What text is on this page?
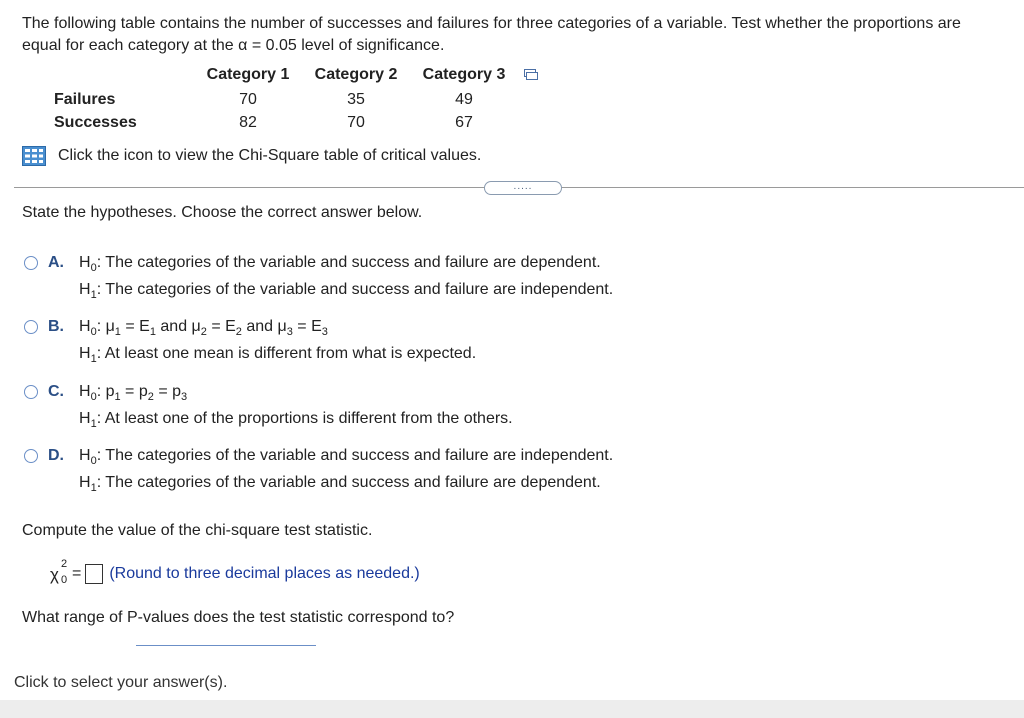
The following table contains the number of successes and failures for three categories of a variable. Test whether the proportions are
equal for each category at the α = 0.05 level of significance.
	Category 1	Category 2	Category 3	
Failures	70	35	49	
Successes	82	70	67	
Click the icon to view the Chi-Square table of critical values.
.....
State the hypotheses. Choose the correct answer below.
A. $H_0$: The categories of the variable and success and failure are dependent.
$H_1$: The categories of the variable and success and failure are independent.
B. $H_0$: $\mu_1 = E_1$ and $\mu_2 = E_2$ and $\mu_3 = E_3$
$H_1$: At least one mean is different from what is expected.
C. $H_0$: $p_1 = p_2 = p_3$
$H_1$: At least one of the proportions is different from the others.
D. $H_0$: The categories of the variable and success and failure are independent.
$H_1$: The categories of the variable and success and failure are dependent.
Compute the value of the chi-square test statistic.
χ
2
0 = (Round to three decimal places as needed.)
What range of P-values does the test statistic correspond to?
Click to select your answer(s).
